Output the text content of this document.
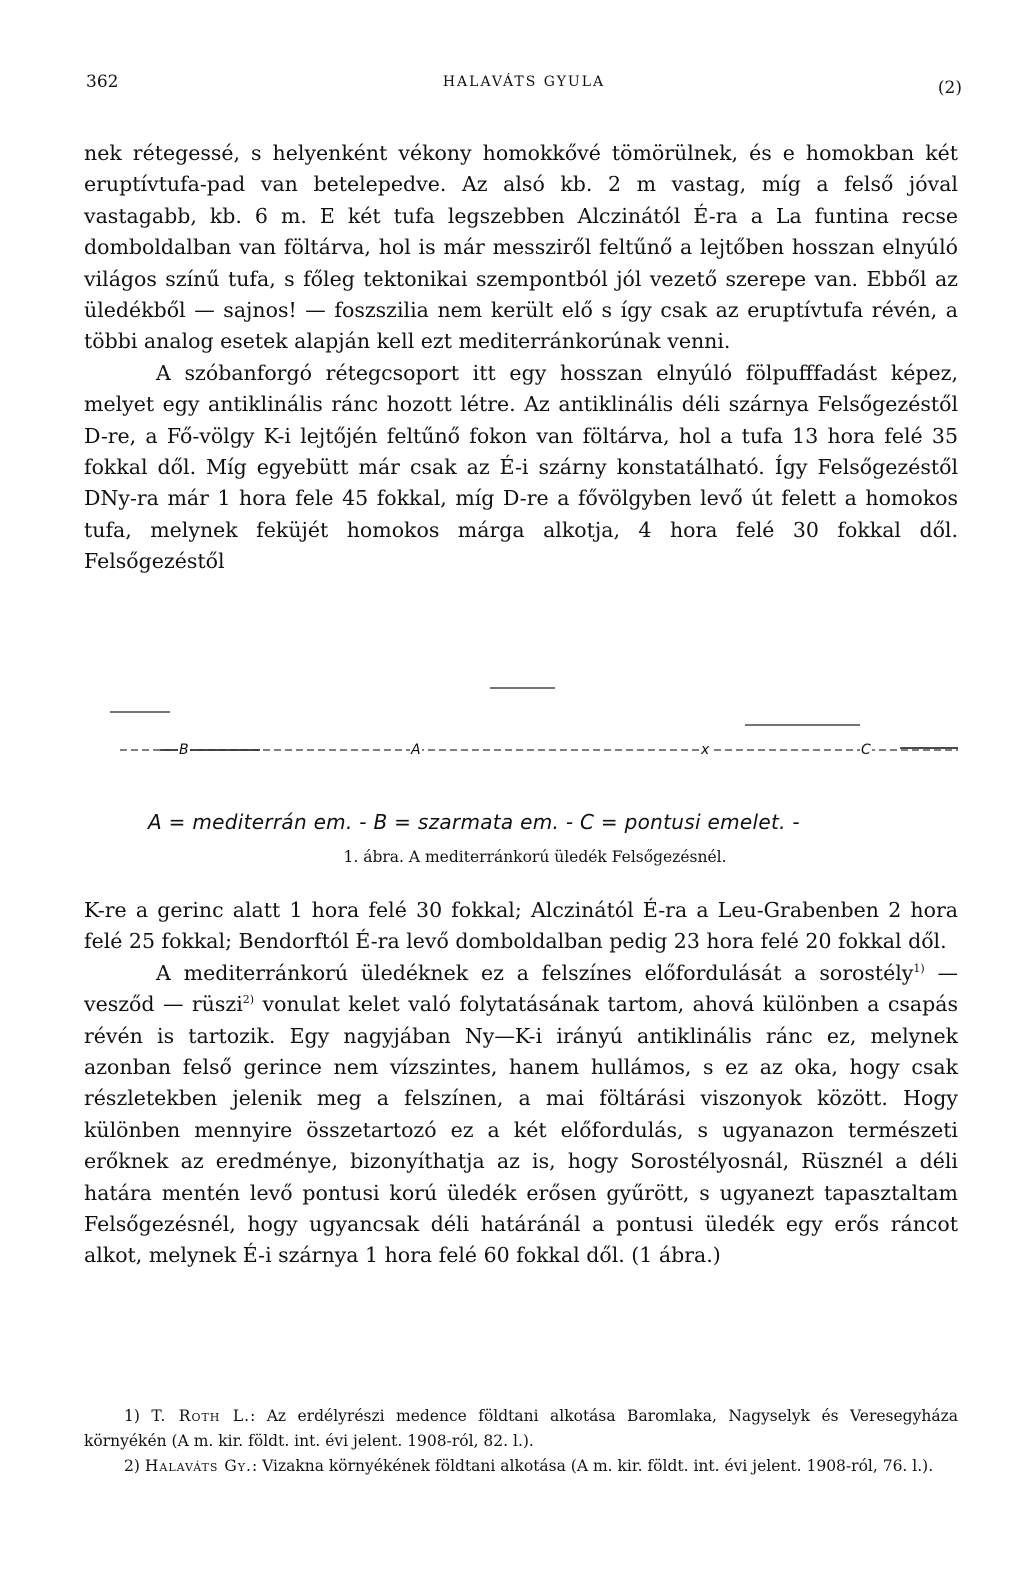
362	HALAVÁTS GYULA	(2)

nek rétegessé, s helyenként vékony homokkővé tömörülnek, és e homokban két eruptívtufa-pad van betelepedve. Az alsó kb. 2 m vastag, míg a felső jóval vastagabb, kb. 6 m. E két tufa legszebben Alczinától É-ra a La funtina recse domboldalban van föltárva, hol is már messziről feltűnő a lejtőben hosszan elnyúló világos színű tufa, s főleg tektonikai szempontból jól vezető szerepe van. Ebből az üledékből — sajnos! — foszszilia nem került elő s így csak az eruptívtufa révén, a többi analog esetek alapján kell ezt mediterránkorúnak venni.

A szóbanforgó rétegcsoport itt egy hosszan elnyúló fölpufffadást képez, melyet egy antiklinális ránc hozott létre. Az antiklinális déli szárnya Felsőgezéstől D-re, a Fő-völgy K-i lejtőjén feltűnő fokon van föltárva, hol a tufa 13 hora felé 35 fokkal dől. Míg egyebütt már csak az É-i szárny konstatálható. Így Felsőgezéstől DNy-ra már 1 hora fele 45 fokkal, míg D-re a fővölgyben levő út felett a homokos tufa, melynek feküjét homokos márga alkotja, 4 hora felé 30 fokkal dől. Felsőgezéstől

B	A	x	C
A = mediterrán em. - B = szarmata em. - C = pontusi emelet. -
1. ábra. A mediterránkorú üledék Felsőgezésnél.

K-re a gerinc alatt 1 hora felé 30 fokkal; Alczinától É-ra a Leu-Grabenben 2 hora felé 25 fokkal; Bendorftól É-ra levő domboldalban pedig 23 hora felé 20 fokkal dől.

A mediterránkorú üledéknek ez a felszínes előfordulását a sorostély$^{1)}$ — vesződ — rüszi$^{2)}$ vonulat kelet való folytatásának tartom, ahová különben a csapás révén is tartozik. Egy nagyjában Ny—K-i irányú antiklinális ránc ez, melynek azonban felső gerince nem vízszintes, hanem hullámos, s ez az oka, hogy csak részletekben jelenik meg a felszínen, a mai föltárási viszonyok között. Hogy különben mennyire összetartozó ez a két előfordulás, s ugyanazon természeti erőknek az eredménye, bizonyíthatja az is, hogy Sorostélyosnál, Rüsznél a déli határa mentén levő pontusi korú üledék erősen gyűrött, s ugyanezt tapasztaltam Felsőgezésnél, hogy ugyancsak déli határánál a pontusi üledék egy erős ráncot alkot, melynek É-i szárnya 1 hora felé 60 fokkal dől. (1 ábra.)

1) T. Roth L.: Az erdélyrészi medence földtani alkotása Baromlaka, Nagyselyk és Veresegyháza környékén (A m. kir. földt. int. évi jelent. 1908-ról, 82. l.).

2) Halaváts Gy.: Vizakna környékének földtani alkotása (A m. kir. földt. int. évi jelent. 1908-ról, 76. l.).
